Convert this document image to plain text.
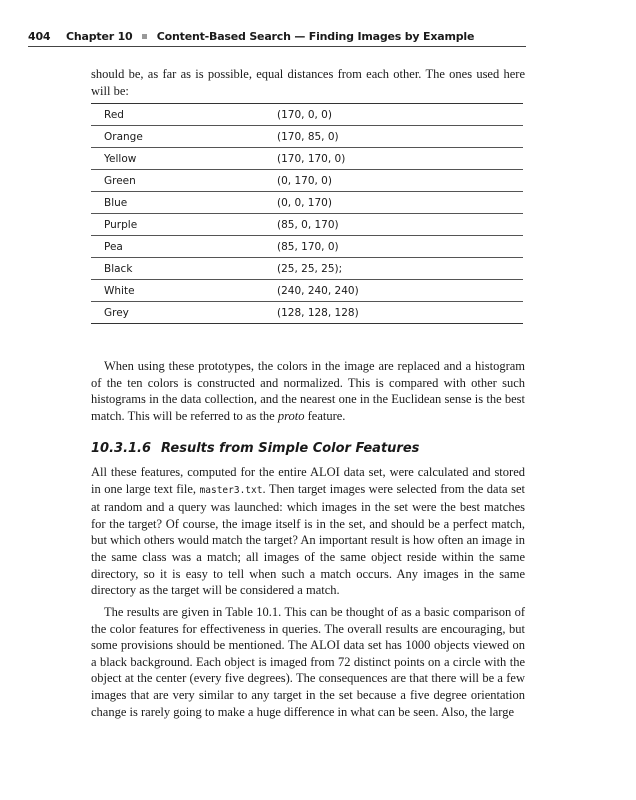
404 Chapter 10 Content-Based Search — Finding Images by Example

should be, as far as is possible, equal distances from each other. The ones used here will be:

Red	(170, 0, 0)
Orange	(170, 85, 0)
Yellow	(170, 170, 0)
Green	(0, 170, 0)
Blue	(0, 0, 170)
Purple	(85, 0, 170)
Pea	(85, 170, 0)
Black	(25, 25, 25);
White	(240, 240, 240)
Grey	(128, 128, 128)

When using these prototypes, the colors in the image are replaced and a histogram of the ten colors is constructed and normalized. This is compared with other such histograms in the data collection, and the nearest one in the Euclidean sense is the best match. This will be referred to as the proto feature.

10.3.1.6 Results from Simple Color Features

All these features, computed for the entire ALOI data set, were calculated and stored in one large text file, master3.txt. Then target images were selected from the data set at random and a query was launched: which images in the set were the best matches for the target? Of course, the image itself is in the set, and should be a perfect match, but which others would match the target? An important result is how often an image in the same class was a match; all images of the same object reside within the same directory, so it is easy to tell when such a match occurs. Any images in the same directory as the target will be considered a match.

The results are given in Table 10.1. This can be thought of as a basic comparison of the color features for effectiveness in queries. The overall results are encouraging, but some provisions should be mentioned. The ALOI data set has 1000 objects viewed on a black background. Each object is imaged from 72 distinct points on a circle with the object at the center (every five degrees). The consequences are that there will be a few images that are very similar to any target in the set because a five degree orientation change is rarely going to make a huge difference in what can be seen. Also, the large
